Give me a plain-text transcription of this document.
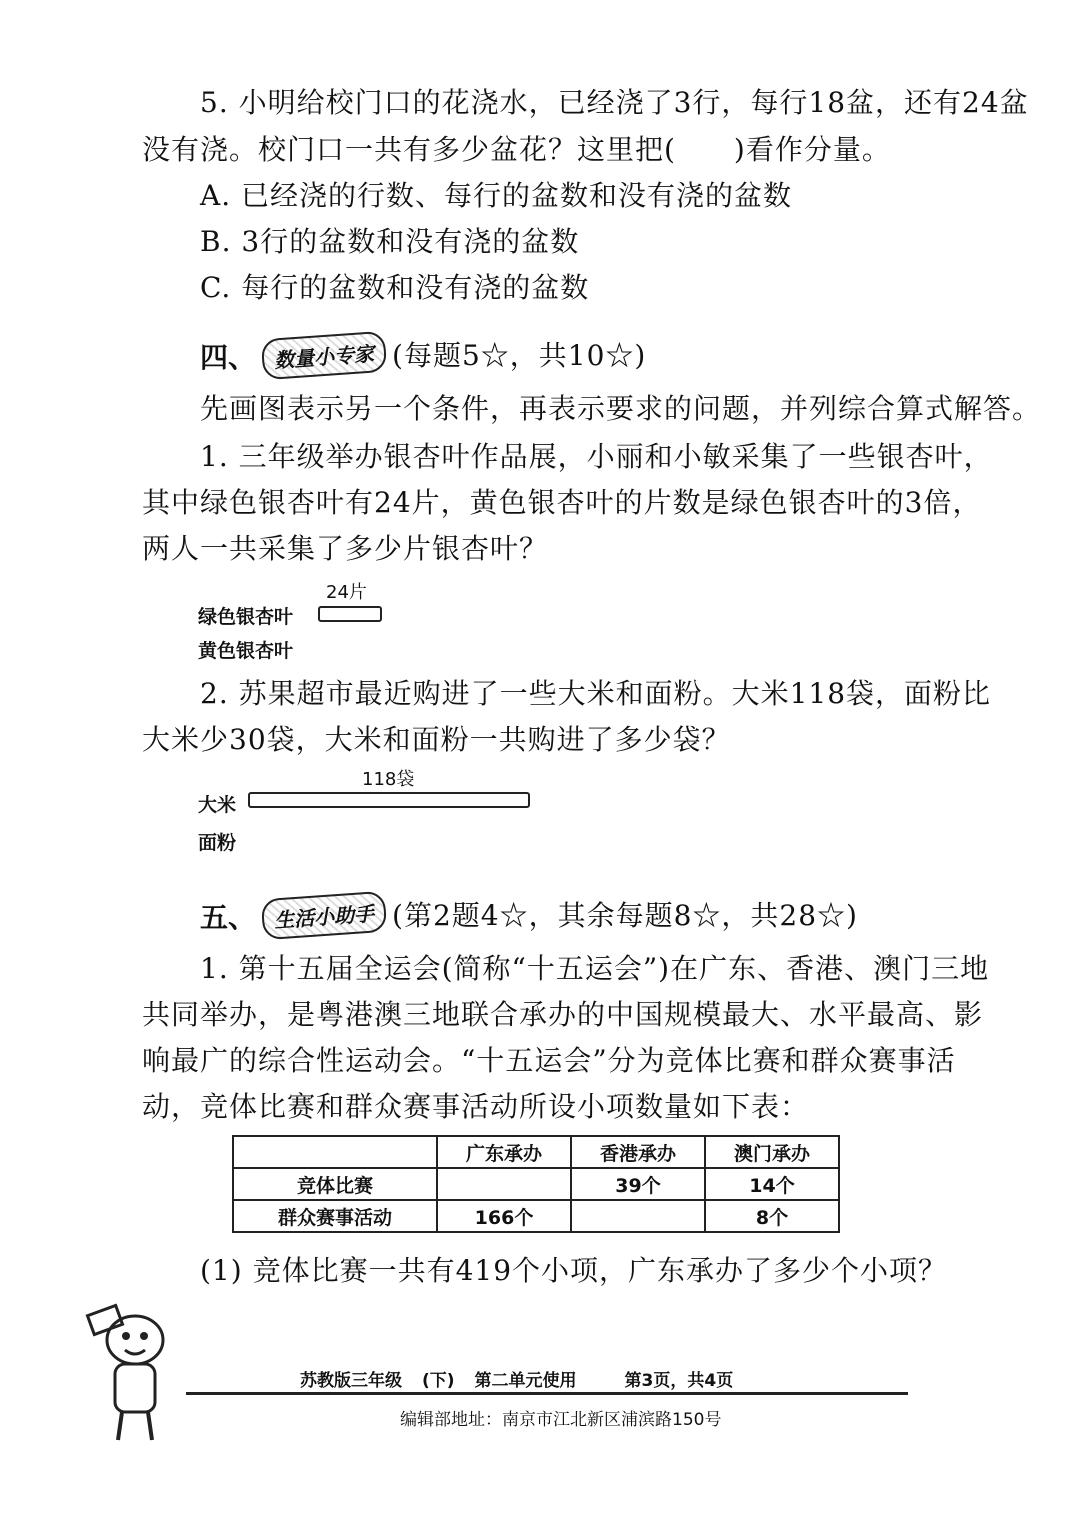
5. 小明给校门口的花浇水，已经浇了3行，每行18盆，还有24盆
没有浇。校门口一共有多少盆花？这里把(　　)看作分量。
A. 已经浇的行数、每行的盆数和没有浇的盆数
B. 3行的盆数和没有浇的盆数
C. 每行的盆数和没有浇的盆数
四、 数量小专家 (每题5☆，共10☆)
先画图表示另一个条件，再表示要求的问题，并列综合算式解答。
1. 三年级举办银杏叶作品展，小丽和小敏采集了一些银杏叶，
其中绿色银杏叶有24片，黄色银杏叶的片数是绿色银杏叶的3倍，
两人一共采集了多少片银杏叶？
24片
绿色银杏叶
黄色银杏叶
2. 苏果超市最近购进了一些大米和面粉。大米118袋，面粉比
大米少30袋，大米和面粉一共购进了多少袋？
118袋
大米
面粉
五、 生活小助手 (第2题4☆，其余每题8☆，共28☆)
1. 第十五届全运会(简称“十五运会”)在广东、香港、澳门三地
共同举办，是粤港澳三地联合承办的中国规模最大、水平最高、影
响最广的综合性运动会。“十五运会”分为竞体比赛和群众赛事活
动，竞体比赛和群众赛事活动所设小项数量如下表：
	广东承办	香港承办	澳门承办
竞体比赛		39个	14个
群众赛事活动	166个		8个
(1) 竞体比赛一共有419个小项，广东承办了多少个小项？
苏教版三年级 (下) 第二单元使用	第3页，共4页
编辑部地址：南京市江北新区浦滨路150号
